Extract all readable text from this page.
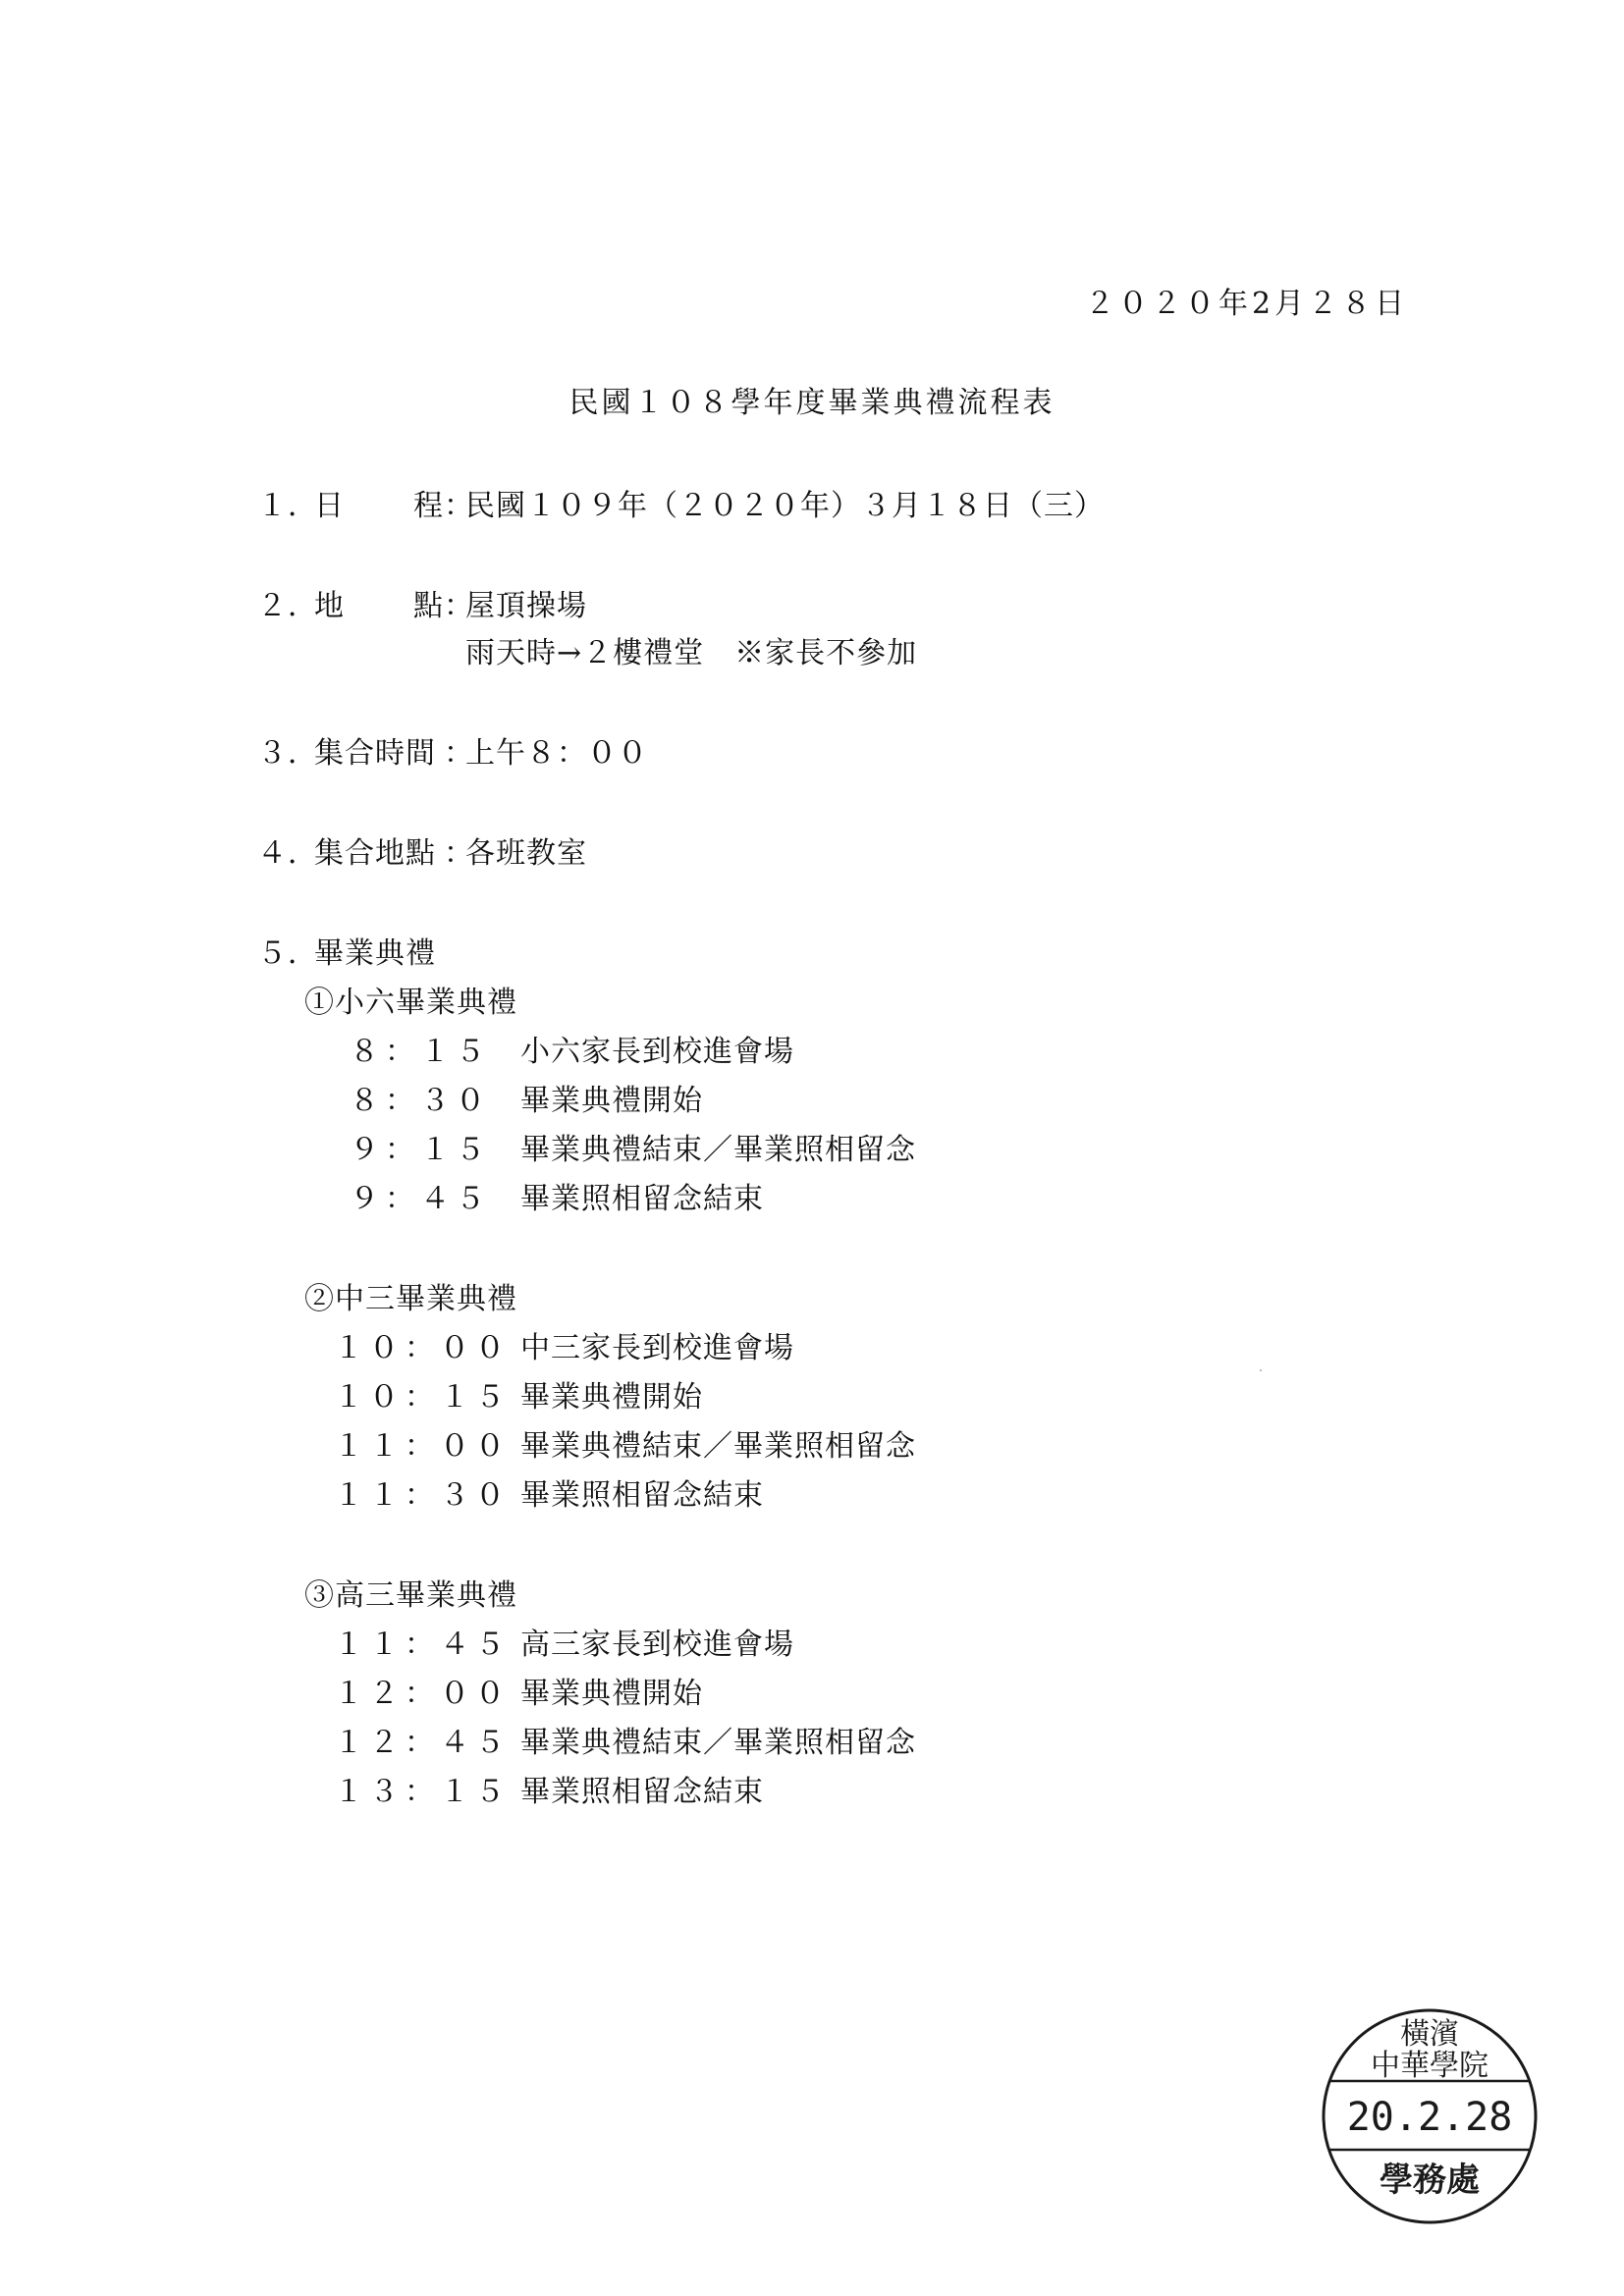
２０２０年2月２８日
民國１０８學年度畢業典禮流程表
１．日　　程：民國１０９年（２０２０年）３月１８日（三）
２．地　　點：屋頂操場
雨天時→２樓禮堂　※家長不參加
３．集合時間 ：上午８：００
４．集合地點 ：各班教室
５．畢業典禮
①小六畢業典禮
８：１５ 小六家長到校進會場
８：３０ 畢業典禮開始
９：１５ 畢業典禮結束／畢業照相留念
９：４５ 畢業照相留念結束
②中三畢業典禮
１０：００ 中三家長到校進會場
１０：１５ 畢業典禮開始
１１：００ 畢業典禮結束／畢業照相留念
１１：３０ 畢業照相留念結束
③高三畢業典禮
１１：４５ 高三家長到校進會場
１２：００ 畢業典禮開始
１２：４５ 畢業典禮結束／畢業照相留念
１３：１５ 畢業照相留念結束
橫濱
中華學院
20.2.28
學務處
